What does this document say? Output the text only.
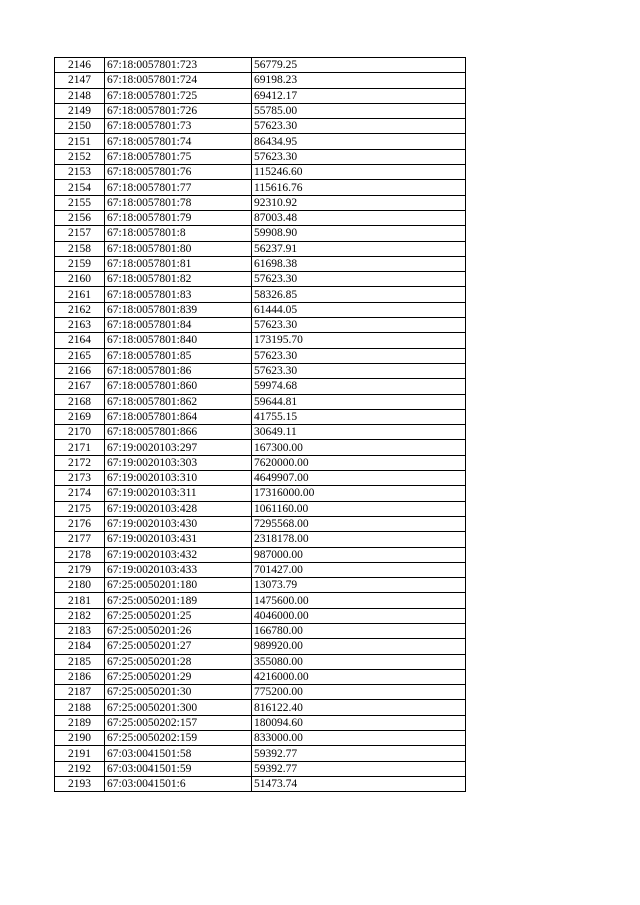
2146	67:18:0057801:723	56779.25
2147	67:18:0057801:724	69198.23
2148	67:18:0057801:725	69412.17
2149	67:18:0057801:726	55785.00
2150	67:18:0057801:73	57623.30
2151	67:18:0057801:74	86434.95
2152	67:18:0057801:75	57623.30
2153	67:18:0057801:76	115246.60
2154	67:18:0057801:77	115616.76
2155	67:18:0057801:78	92310.92
2156	67:18:0057801:79	87003.48
2157	67:18:0057801:8	59908.90
2158	67:18:0057801:80	56237.91
2159	67:18:0057801:81	61698.38
2160	67:18:0057801:82	57623.30
2161	67:18:0057801:83	58326.85
2162	67:18:0057801:839	61444.05
2163	67:18:0057801:84	57623.30
2164	67:18:0057801:840	173195.70
2165	67:18:0057801:85	57623.30
2166	67:18:0057801:86	57623.30
2167	67:18:0057801:860	59974.68
2168	67:18:0057801:862	59644.81
2169	67:18:0057801:864	41755.15
2170	67:18:0057801:866	30649.11
2171	67:19:0020103:297	167300.00
2172	67:19:0020103:303	7620000.00
2173	67:19:0020103:310	4649907.00
2174	67:19:0020103:311	17316000.00
2175	67:19:0020103:428	1061160.00
2176	67:19:0020103:430	7295568.00
2177	67:19:0020103:431	2318178.00
2178	67:19:0020103:432	987000.00
2179	67:19:0020103:433	701427.00
2180	67:25:0050201:180	13073.79
2181	67:25:0050201:189	1475600.00
2182	67:25:0050201:25	4046000.00
2183	67:25:0050201:26	166780.00
2184	67:25:0050201:27	989920.00
2185	67:25:0050201:28	355080.00
2186	67:25:0050201:29	4216000.00
2187	67:25:0050201:30	775200.00
2188	67:25:0050201:300	816122.40
2189	67:25:0050202:157	180094.60
2190	67:25:0050202:159	833000.00
2191	67:03:0041501:58	59392.77
2192	67:03:0041501:59	59392.77
2193	67:03:0041501:6	51473.74
